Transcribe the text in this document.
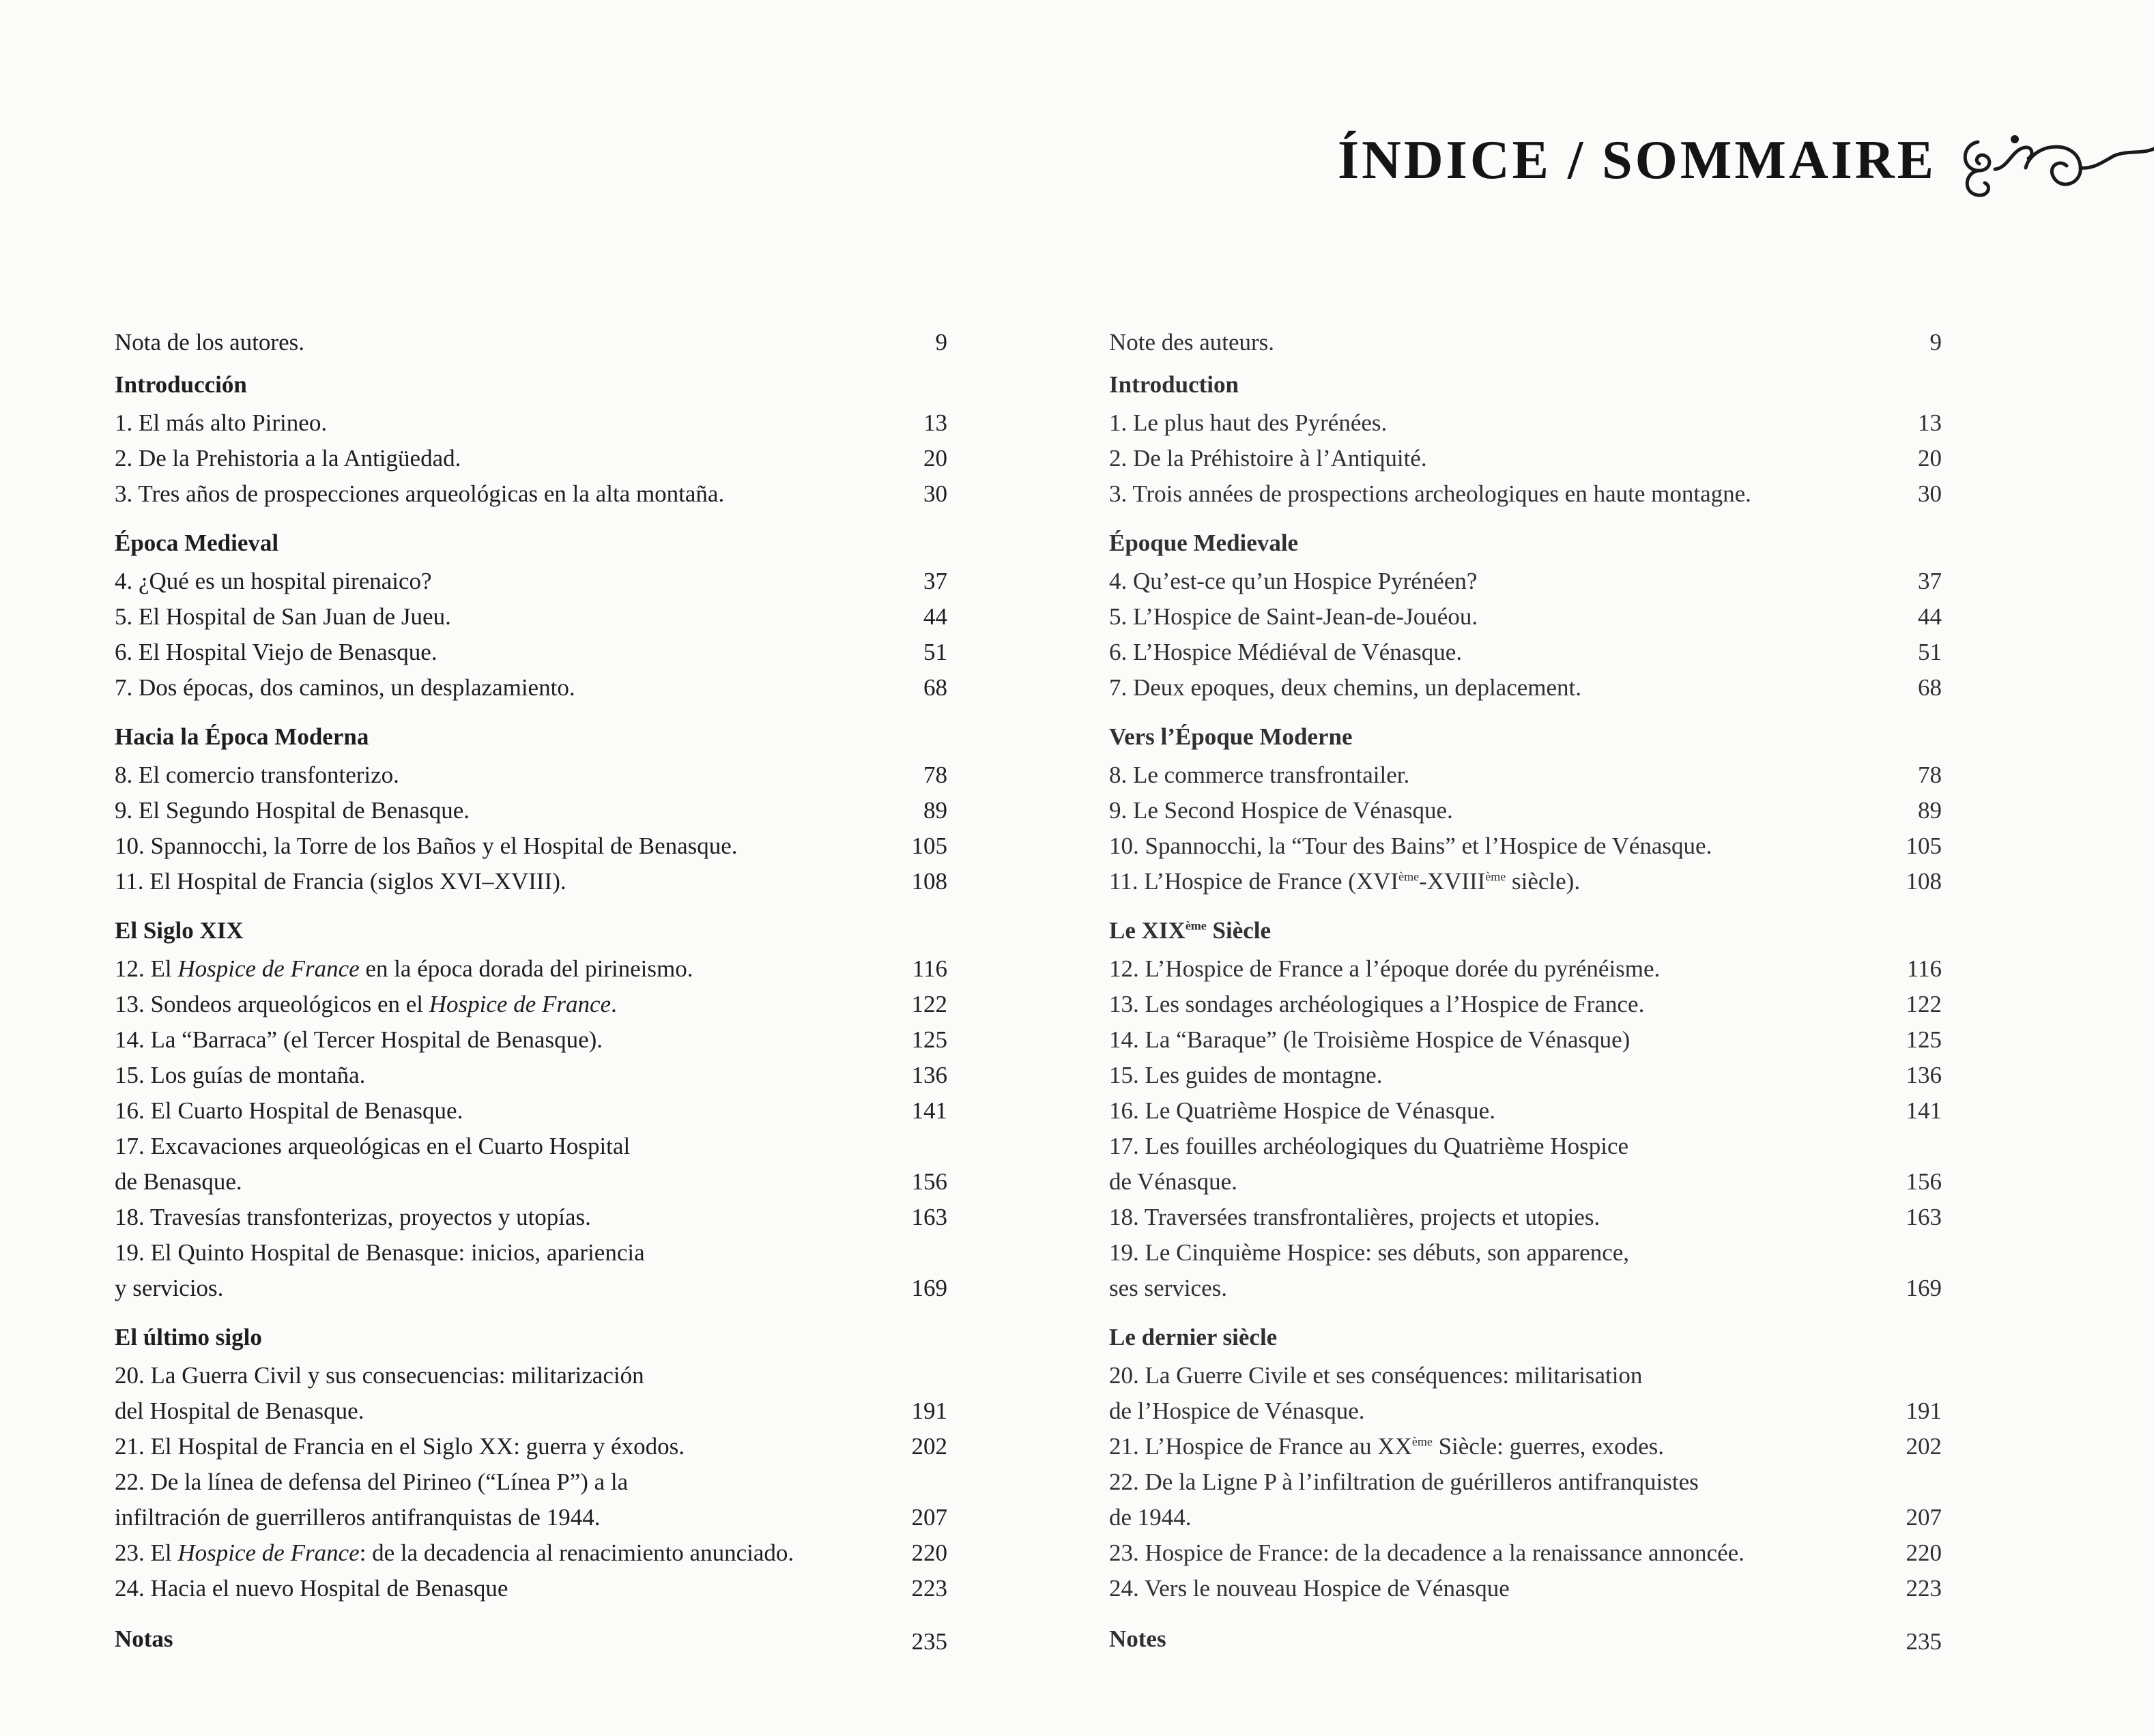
ÍNDICE / SOMMAIRE
Nota de los autores.	9
Introducción
1. El más alto Pirineo.	13
2. De la Prehistoria a la Antigüedad.	20
3. Tres años de prospecciones arqueológicas en la alta montaña.	30
Época Medieval
4. ¿Qué es un hospital pirenaico?	37
5. El Hospital de San Juan de Jueu.	44
6. El Hospital Viejo de Benasque.	51
7. Dos épocas, dos caminos, un desplazamiento.	68
Hacia la Época Moderna
8. El comercio transfonterizo.	78
9. El Segundo Hospital de Benasque.	89
10. Spannocchi, la Torre de los Baños y el Hospital de Benasque.	105
11. El Hospital de Francia (siglos XVI–XVIII).	108
El Siglo XIX
12. El Hospice de France en la época dorada del pirineismo.	116
13. Sondeos arqueológicos en el Hospice de France.	122
14. La “Barraca” (el Tercer Hospital de Benasque).	125
15. Los guías de montaña.	136
16. El Cuarto Hospital de Benasque.	141
17. Excavaciones arqueológicas en el Cuarto Hospital
de Benasque.	156
18. Travesías transfonterizas, proyectos y utopías.	163
19. El Quinto Hospital de Benasque: inicios, apariencia
y servicios.	169
El último siglo
20. La Guerra Civil y sus consecuencias: militarización
del Hospital de Benasque.	191
21. El Hospital de Francia en el Siglo XX: guerra y éxodos.	202
22. De la línea de defensa del Pirineo (“Línea P”) a la
infiltración de guerrilleros antifranquistas de 1944.	207
23. El Hospice de France: de la decadencia al renacimiento anunciado.	220
24. Hacia el nuevo Hospital de Benasque	223
Notas	235
Note des auteurs.	9
Introduction
1. Le plus haut des Pyrénées.	13
2. De la Préhistoire à l’Antiquité.	20
3. Trois années de prospections archeologiques en haute montagne.	30
Époque Medievale
4. Qu’est-ce qu’un Hospice Pyrénéen?	37
5. L’Hospice de Saint-Jean-de-Jouéou.	44
6. L’Hospice Médiéval de Vénasque.	51
7. Deux epoques, deux chemins, un deplacement.	68
Vers l’Époque Moderne
8. Le commerce transfrontailer.	78
9. Le Second Hospice de Vénasque.	89
10. Spannocchi, la “Tour des Bains” et l’Hospice de Vénasque.	105
11. L’Hospice de France (XVIème-XVIIIème siècle).	108
Le XIXème Siècle
12. L’Hospice de France a l’époque dorée du pyrénéisme.	116
13. Les sondages archéologiques a l’Hospice de France.	122
14. La “Baraque” (le Troisième Hospice de Vénasque)	125
15. Les guides de montagne.	136
16. Le Quatrième Hospice de Vénasque.	141
17. Les fouilles archéologiques du Quatrième Hospice
de Vénasque.	156
18. Traversées transfrontalières, projects et utopies.	163
19. Le Cinquième Hospice: ses débuts, son apparence,
ses services.	169
Le dernier siècle
20. La Guerre Civile et ses conséquences: militarisation
de l’Hospice de Vénasque.	191
21. L’Hospice de France au XXème Siècle: guerres, exodes.	202
22. De la Ligne P à l’infiltration de guérilleros antifranquistes
de 1944.	207
23. Hospice de France: de la decadence a la renaissance annoncée.	220
24. Vers le nouveau Hospice de Vénasque	223
Notes	235
